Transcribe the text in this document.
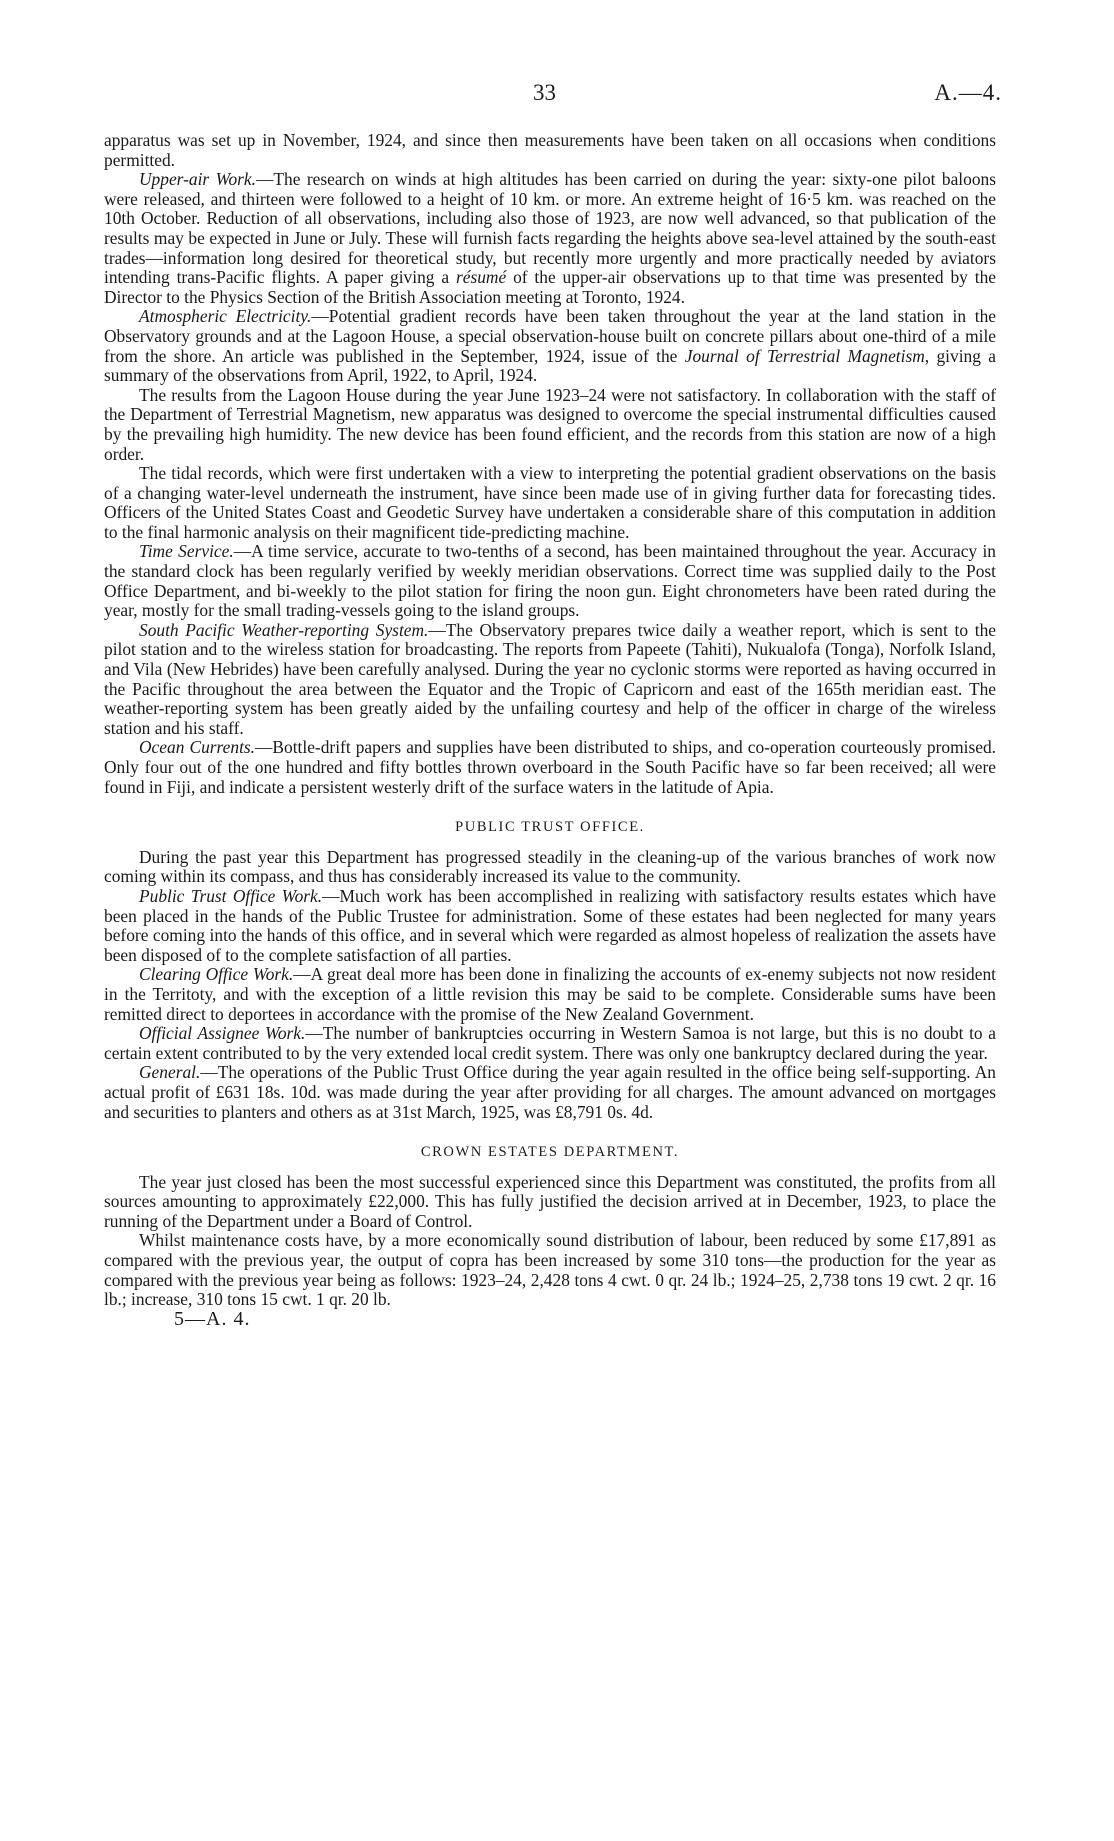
33	A.—4.

apparatus was set up in November, 1924, and since then measurements have been taken on all occasions when conditions permitted.

Upper-air Work.—The research on winds at high altitudes has been carried on during the year: sixty-one pilot baloons were released, and thirteen were followed to a height of 10 km. or more. An extreme height of 16·5 km. was reached on the 10th October. Reduction of all observations, including also those of 1923, are now well advanced, so that publication of the results may be expected in June or July. These will furnish facts regarding the heights above sea-level attained by the south-east trades—information long desired for theoretical study, but recently more urgently and more practically needed by aviators intending trans-Pacific flights. A paper giving a résumé of the upper-air observations up to that time was presented by the Director to the Physics Section of the British Association meeting at Toronto, 1924.

Atmospheric Electricity.—Potential gradient records have been taken throughout the year at the land station in the Observatory grounds and at the Lagoon House, a special observation-house built on concrete pillars about one-third of a mile from the shore. An article was published in the September, 1924, issue of the Journal of Terrestrial Magnetism, giving a summary of the observations from April, 1922, to April, 1924.

The results from the Lagoon House during the year June 1923–24 were not satisfactory. In collaboration with the staff of the Department of Terrestrial Magnetism, new apparatus was designed to overcome the special instrumental difficulties caused by the prevailing high humidity. The new device has been found efficient, and the records from this station are now of a high order.

The tidal records, which were first undertaken with a view to interpreting the potential gradient observations on the basis of a changing water-level underneath the instrument, have since been made use of in giving further data for forecasting tides. Officers of the United States Coast and Geodetic Survey have undertaken a considerable share of this computation in addition to the final harmonic analysis on their magnificent tide-predicting machine.

Time Service.—A time service, accurate to two-tenths of a second, has been maintained throughout the year. Accuracy in the standard clock has been regularly verified by weekly meridian observations. Correct time was supplied daily to the Post Office Department, and bi-weekly to the pilot station for firing the noon gun. Eight chronometers have been rated during the year, mostly for the small trading-vessels going to the island groups.

South Pacific Weather-reporting System.—The Observatory prepares twice daily a weather report, which is sent to the pilot station and to the wireless station for broadcasting. The reports from Papeete (Tahiti), Nukualofa (Tonga), Norfolk Island, and Vila (New Hebrides) have been carefully analysed. During the year no cyclonic storms were reported as having occurred in the Pacific throughout the area between the Equator and the Tropic of Capricorn and east of the 165th meridian east. The weather-reporting system has been greatly aided by the unfailing courtesy and help of the officer in charge of the wireless station and his staff.

Ocean Currents.—Bottle-drift papers and supplies have been distributed to ships, and co-operation courteously promised. Only four out of the one hundred and fifty bottles thrown overboard in the South Pacific have so far been received; all were found in Fiji, and indicate a persistent westerly drift of the surface waters in the latitude of Apia.

PUBLIC TRUST OFFICE.

During the past year this Department has progressed steadily in the cleaning-up of the various branches of work now coming within its compass, and thus has considerably increased its value to the community.

Public Trust Office Work.—Much work has been accomplished in realizing with satisfactory results estates which have been placed in the hands of the Public Trustee for administration. Some of these estates had been neglected for many years before coming into the hands of this office, and in several which were regarded as almost hopeless of realization the assets have been disposed of to the complete satisfaction of all parties.

Clearing Office Work.—A great deal more has been done in finalizing the accounts of ex-enemy subjects not now resident in the Territoty, and with the exception of a little revision this may be said to be complete. Considerable sums have been remitted direct to deportees in accordance with the promise of the New Zealand Government.

Official Assignee Work.—The number of bankruptcies occurring in Western Samoa is not large, but this is no doubt to a certain extent contributed to by the very extended local credit system. There was only one bankruptcy declared during the year.

General.—The operations of the Public Trust Office during the year again resulted in the office being self-supporting. An actual profit of £631 18s. 10d. was made during the year after providing for all charges. The amount advanced on mortgages and securities to planters and others as at 31st March, 1925, was £8,791 0s. 4d.

CROWN ESTATES DEPARTMENT.

The year just closed has been the most successful experienced since this Department was constituted, the profits from all sources amounting to approximately £22,000. This has fully justified the decision arrived at in December, 1923, to place the running of the Department under a Board of Control.

Whilst maintenance costs have, by a more economically sound distribution of labour, been reduced by some £17,891 as compared with the previous year, the output of copra has been increased by some 310 tons—the production for the year as compared with the previous year being as follows: 1923–24, 2,428 tons 4 cwt. 0 qr. 24 lb.; 1924–25, 2,738 tons 19 cwt. 2 qr. 16 lb.; increase, 310 tons 15 cwt. 1 qr. 20 lb.

5—A. 4.
